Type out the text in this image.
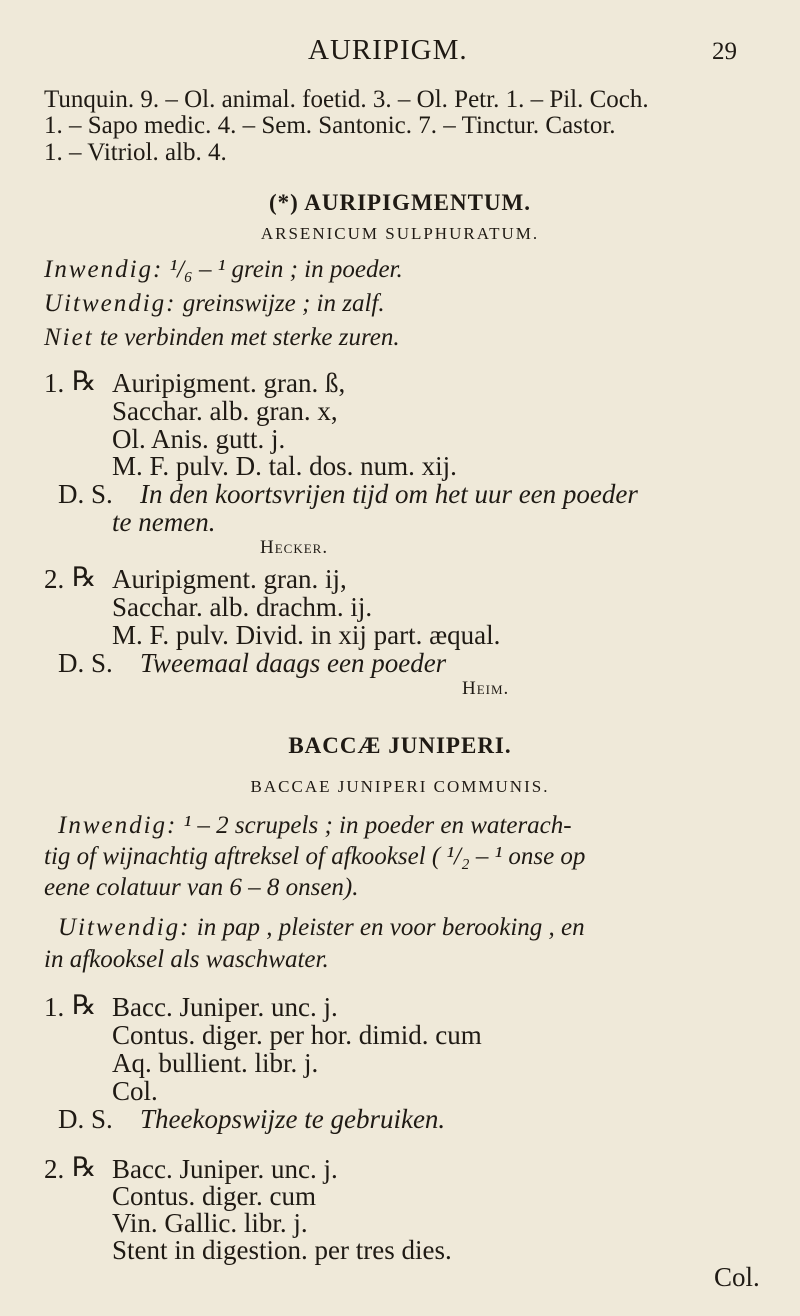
AURIPIGM.	29
Tunquin. 9. – Ol. animal. foetid. 3. – Ol. Petr. 1. – Pil. Coch.
1. – Sapo medic. 4. – Sem. Santonic. 7. – Tinctur. Castor.
1. – Vitriol. alb. 4.
(*) AURIPIGMENTUM.
ARSENICUM SULPHURATUM.
Inwendig: ¹/₆ – ¹ grein ; in poeder.
Uitwendig: greinswijze ; in zalf.
Niet te verbinden met sterke zuren.
1. ℞ Auripigment. gran. ß,
Sacchar. alb. gran. x,
Ol. Anis. gutt. j.
M. F. pulv. D. tal. dos. num. xij.
D. S. In den koortsvrijen tijd om het uur een poeder
te nemen.
Hecker.
2. ℞ Auripigment. gran. ij,
Sacchar. alb. drachm. ij.
M. F. pulv. Divid. in xij part. æqual.
D. S. Tweemaal daags een poeder
Heim.
BACCÆ JUNIPERI.
BACCAE JUNIPERI COMMUNIS.
Inwendig: ¹ – 2 scrupels ; in poeder en waterach-
tig of wijnachtig aftreksel of afkooksel ( ¹/₂ – ¹ onse op
eene colatuur van 6 – 8 onsen).
Uitwendig: in pap , pleister en voor berooking , en
in afkooksel als waschwater.
1. ℞ Bacc. Juniper. unc. j.
Contus. diger. per hor. dimid. cum
Aq. bullient. libr. j.
Col.
D. S. Theekopswijze te gebruiken.
2. ℞ Bacc. Juniper. unc. j.
Contus. diger. cum
Vin. Gallic. libr. j.
Stent in digestion. per tres dies.
Col.
